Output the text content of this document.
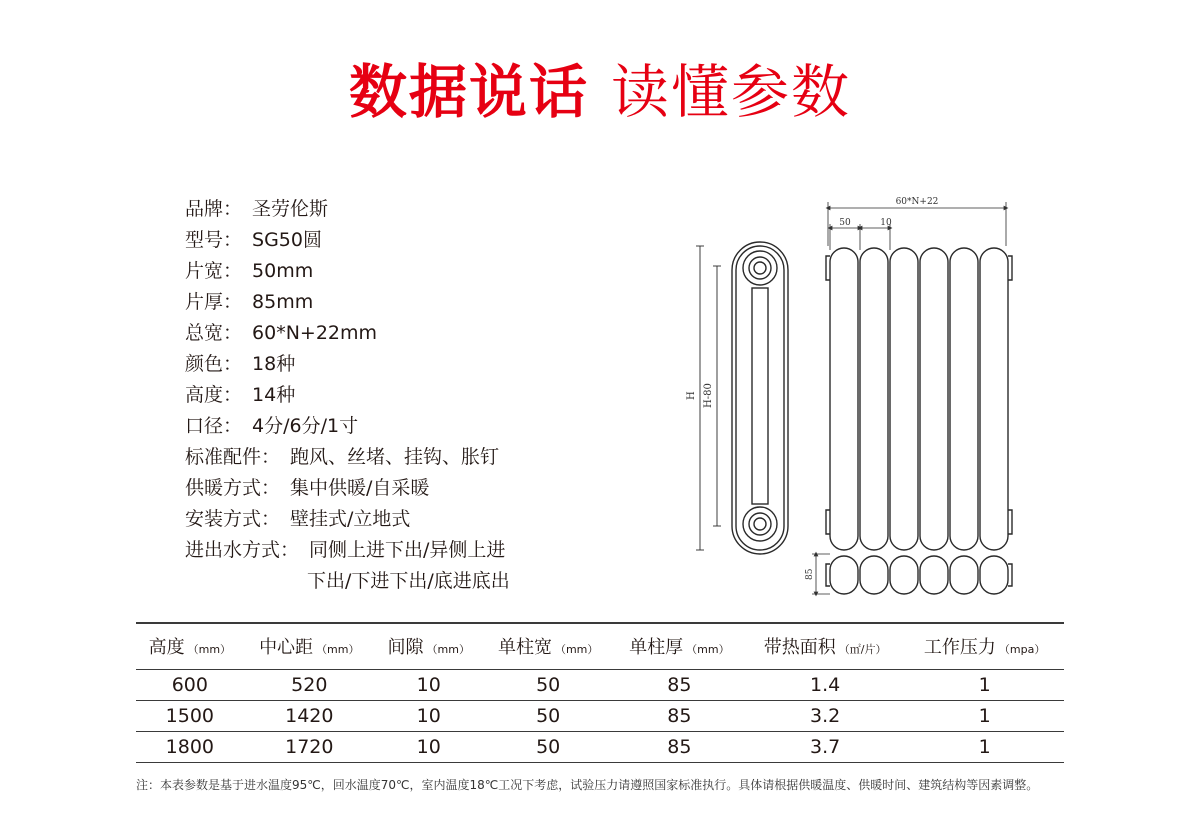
数据说话 读懂参数
品牌： 圣劳伦斯
型号： SG50圆
片宽： 50mm
片厚： 85mm
总宽： 60*N+22mm
颜色： 18种
高度： 14种
口径： 4分/6分/1寸
标准配件： 跑风、丝堵、挂钩、胀钉
供暖方式： 集中供暖/自采暖
安装方式： 壁挂式/立地式
进出水方式： 同侧上进下出/异侧上进
下出/下进下出/底进底出
H H-80
60*N+22
50	10
85
高度 （mm）	中心距 （mm）	间隙 （mm）	单柱宽 （mm）	单柱厚 （mm）	带热面积 （㎡/片）	工作压力 （mpa）
600	520	10	50	85	1.4	1
1500	1420	10	50	85	3.2	1
1800	1720	10	50	85	3.7	1
注：本表参数是基于进水温度95℃，回水温度70℃，室内温度18℃工况下考虑，试验压力请遵照国家标准执行。具体请根据供暖温度、供暖时间、建筑结构等因素调整。
